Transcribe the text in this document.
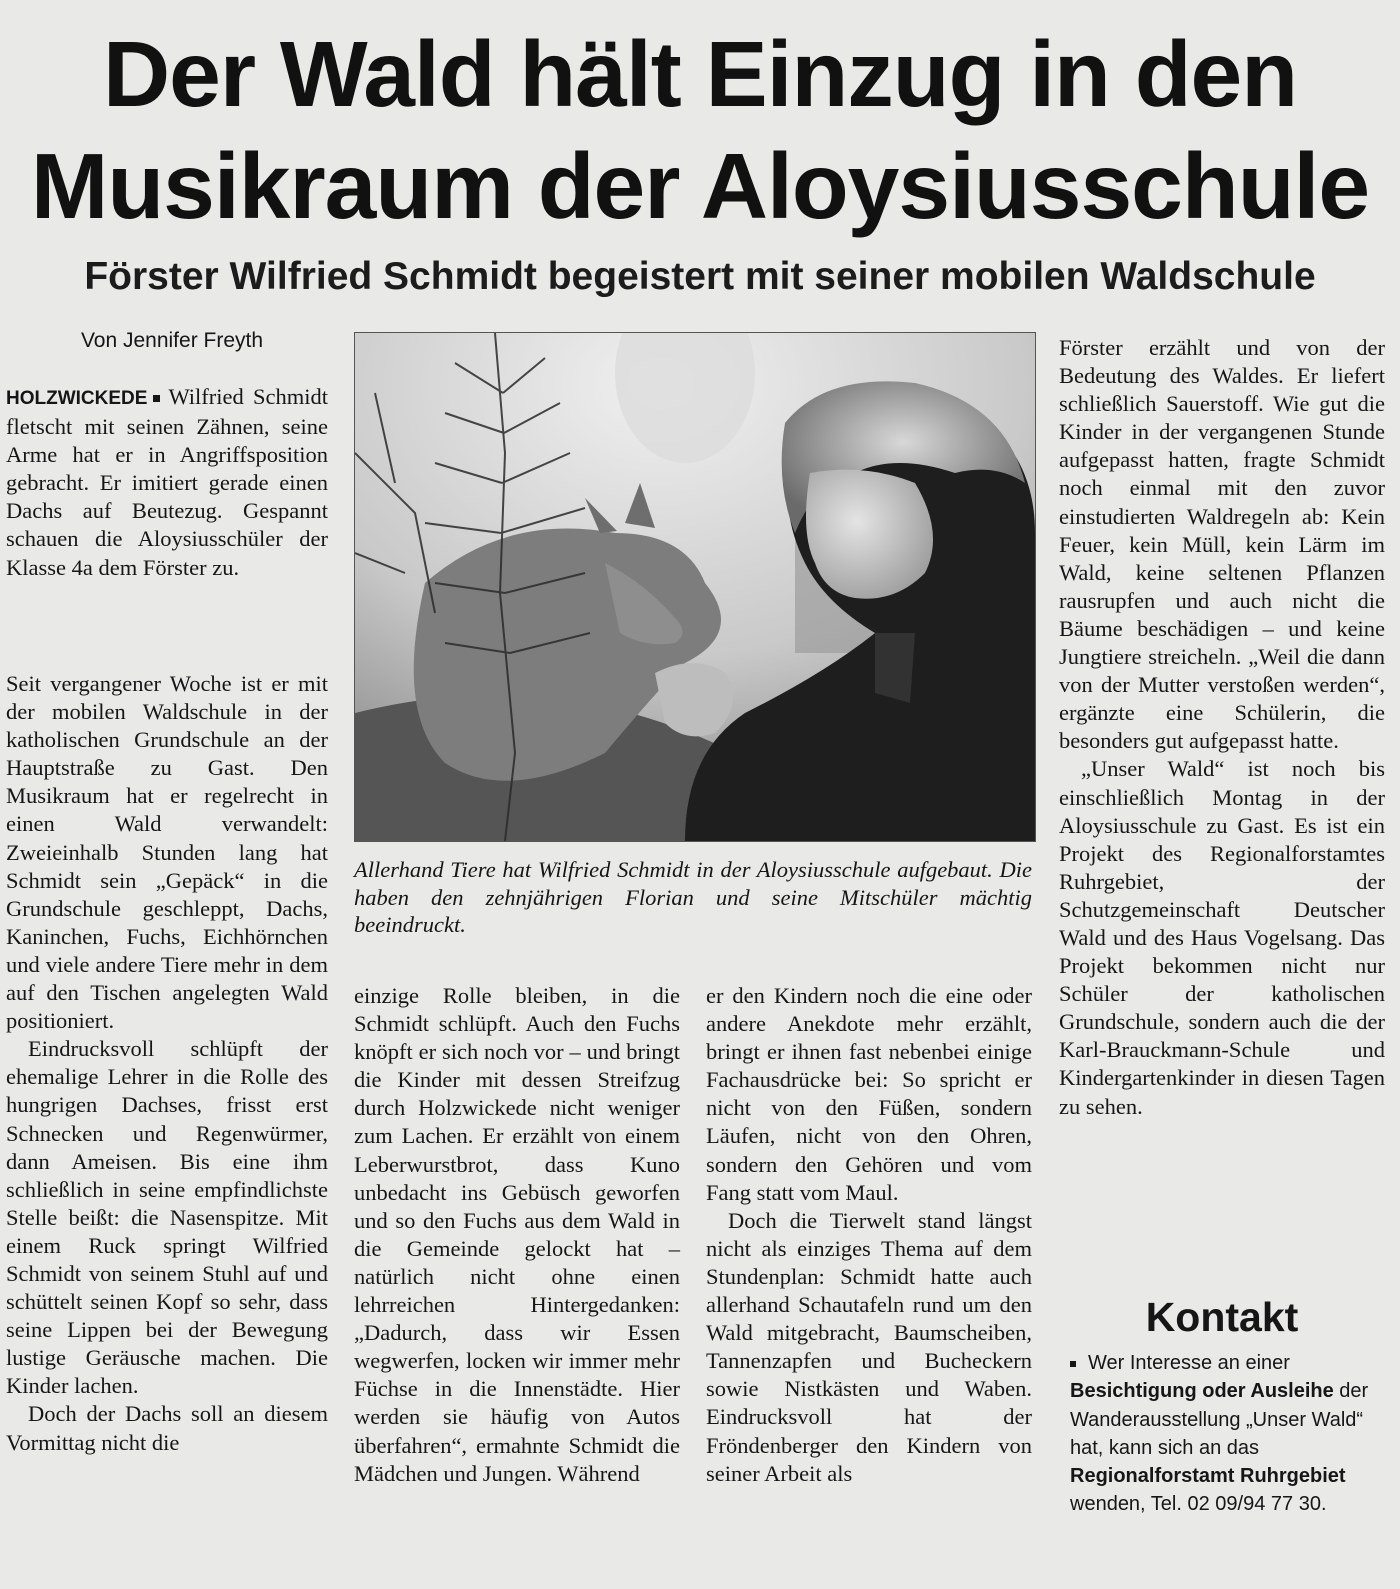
Der Wald hält Einzug in den Musikraum der Aloysiusschule
Förster Wilfried Schmidt begeistert mit seiner mobilen Waldschule
Von Jennifer Freyth

HOLZWICKEDE Wilfried Schmidt fletscht mit seinen Zähnen, seine Arme hat er in Angriffsposition gebracht. Er imitiert gerade einen Dachs auf Beutezug. Gespannt schauen die Aloysiusschüler der Klasse 4a dem Förster zu.

Seit vergangener Woche ist er mit der mobilen Waldschule in der katholischen Grundschule an der Hauptstraße zu Gast. Den Musikraum hat er regelrecht in einen Wald verwandelt: Zweieinhalb Stunden lang hat Schmidt sein „Gepäck“ in die Grundschule geschleppt, Dachs, Kaninchen, Fuchs, Eichhörnchen und viele andere Tiere mehr in dem auf den Tischen angelegten Wald positioniert.

Eindrucksvoll schlüpft der ehemalige Lehrer in die Rolle des hungrigen Dachses, frisst erst Schnecken und Regenwürmer, dann Ameisen. Bis eine ihm schließlich in seine empfindlichste Stelle beißt: die Nasenspitze. Mit einem Ruck springt Wilfried Schmidt von seinem Stuhl auf und schüttelt seinen Kopf so sehr, dass seine Lippen bei der Bewegung lustige Geräusche machen. Die Kinder lachen.

Doch der Dachs soll an diesem Vormittag nicht die

Allerhand Tiere hat Wilfried Schmidt in der Aloysiusschule aufgebaut. Die haben den zehnjährigen Florian und seine Mitschüler mächtig beeindruckt.

einzige Rolle bleiben, in die Schmidt schlüpft. Auch den Fuchs knöpft er sich noch vor – und bringt die Kinder mit dessen Streifzug durch Holzwickede nicht weniger zum Lachen. Er erzählt von einem Leberwurstbrot, dass Kuno unbedacht ins Gebüsch geworfen und so den Fuchs aus dem Wald in die Gemeinde gelockt hat – natürlich nicht ohne einen lehrreichen Hintergedanken: „Dadurch, dass wir Essen wegwerfen, locken wir immer mehr Füchse in die Innenstädte. Hier werden sie häufig von Autos überfahren“, ermahnte Schmidt die Mädchen und Jungen. Während

er den Kindern noch die eine oder andere Anekdote mehr erzählt, bringt er ihnen fast nebenbei einige Fachausdrücke bei: So spricht er nicht von den Füßen, sondern Läufen, nicht von den Ohren, sondern den Gehören und vom Fang statt vom Maul.

Doch die Tierwelt stand längst nicht als einziges Thema auf dem Stundenplan: Schmidt hatte auch allerhand Schautafeln rund um den Wald mitgebracht, Baumscheiben, Tannenzapfen und Bucheckern sowie Nistkästen und Waben. Eindrucksvoll hat der Fröndenberger den Kindern von seiner Arbeit als

Förster erzählt und von der Bedeutung des Waldes. Er liefert schließlich Sauerstoff. Wie gut die Kinder in der vergangenen Stunde aufgepasst hatten, fragte Schmidt noch einmal mit den zuvor einstudierten Waldregeln ab: Kein Feuer, kein Müll, kein Lärm im Wald, keine seltenen Pflanzen rausrupfen und auch nicht die Bäume beschädigen – und keine Jungtiere streicheln. „Weil die dann von der Mutter verstoßen werden“, ergänzte eine Schülerin, die besonders gut aufgepasst hatte.

„Unser Wald“ ist noch bis einschließlich Montag in der Aloysiusschule zu Gast. Es ist ein Projekt des Regionalforstamtes Ruhrgebiet, der Schutzgemeinschaft Deutscher Wald und des Haus Vogelsang. Das Projekt bekommen nicht nur Schüler der katholischen Grundschule, sondern auch die der Karl-Brauckmann-Schule und Kindergartenkinder in diesen Tagen zu sehen.

Kontakt

Wer Interesse an einer Besichtigung oder Ausleihe der Wanderausstellung „Unser Wald“ hat, kann sich an das Regionalforstamt Ruhrgebiet wenden, Tel. 02 09/94 77 30.
